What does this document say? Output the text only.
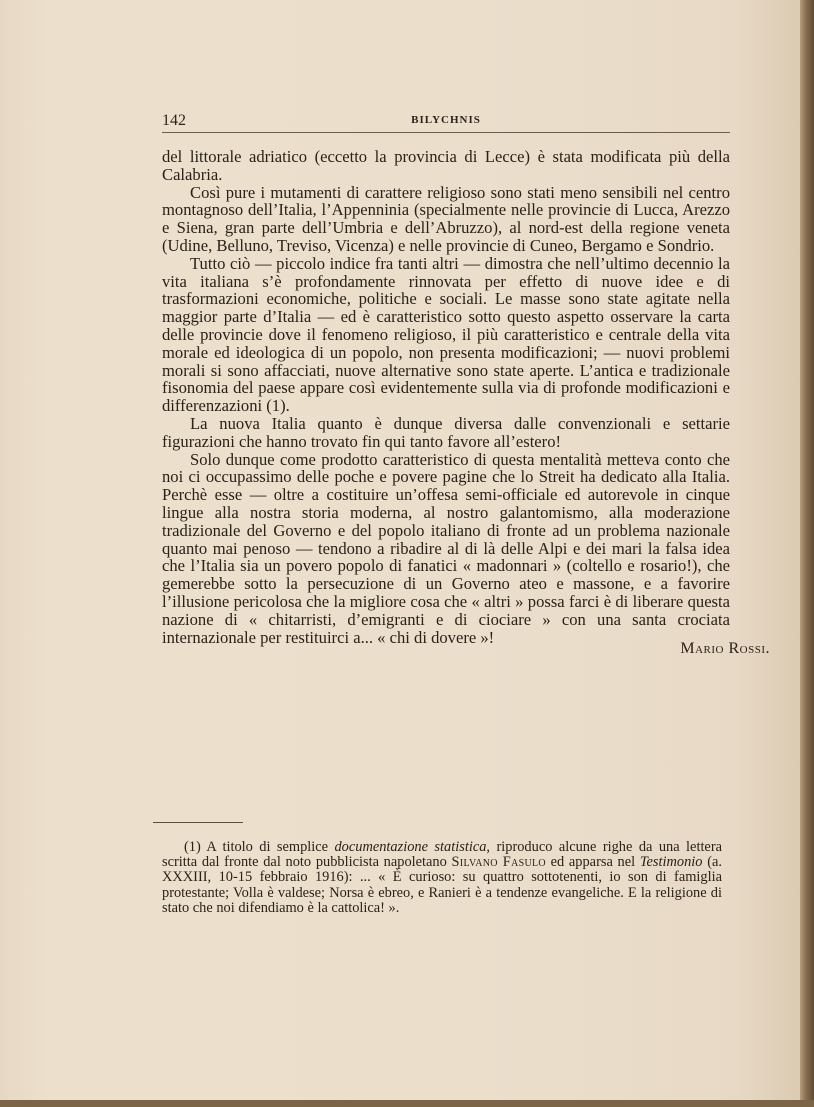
142	BILYCHNIS

del littorale adriatico (eccetto la provincia di Lecce) è stata modificata più della Calabria.

Così pure i mutamenti di carattere religioso sono stati meno sensibili nel centro montagnoso dell’Italia, l’Appenninia (specialmente nelle provincie di Lucca, Arezzo e Siena, gran parte dell’Umbria e dell’Abruzzo), al nord-est della regione veneta (Udine, Belluno, Treviso, Vicenza) e nelle provincie di Cuneo, Bergamo e Sondrio.

Tutto ciò — piccolo indice fra tanti altri — dimostra che nell’ultimo decennio la vita italiana s’è profondamente rinnovata per effetto di nuove idee e di trasformazioni economiche, politiche e sociali. Le masse sono state agitate nella maggior parte d’Italia — ed è caratteristico sotto questo aspetto osservare la carta delle provincie dove il fenomeno religioso, il più caratteristico e centrale della vita morale ed ideologica di un popolo, non presenta modificazioni; — nuovi problemi morali si sono affacciati, nuove alternative sono state aperte. L’antica e tradizionale fisonomia del paese appare così evidentemente sulla via di profonde modificazioni e differenzazioni (1).

La nuova Italia quanto è dunque diversa dalle convenzionali e settarie figurazioni che hanno trovato fin qui tanto favore all’estero!

Solo dunque come prodotto caratteristico di questa mentalità metteva conto che noi ci occupassimo delle poche e povere pagine che lo Streit ha dedicato alla Italia. Perchè esse — oltre a costituire un’offesa semi-officiale ed autorevole in cinque lingue alla nostra storia moderna, al nostro galantomismo, alla moderazione tradizionale del Governo e del popolo italiano di fronte ad un problema nazionale quanto mai penoso — tendono a ribadire al di là delle Alpi e dei mari la falsa idea che l’Italia sia un povero popolo di fanatici « madonnari » (coltello e rosario!), che gemerebbe sotto la persecuzione di un Governo ateo e massone, e a favorire l’illusione pericolosa che la migliore cosa che « altri » possa farci è di liberare questa nazione di « chitarristi, d’emigranti e di ciociare » con una santa crociata internazionale per restituirci a... « chi di dovere »!

Mario Rossi.
(1) A titolo di semplice documentazione statistica, riproduco alcune righe da una lettera scritta dal fronte dal noto pubblicista napoletano Silvano Fasulo ed apparsa nel Testimonio (a. XXXIII, 10-15 febbraio 1916): ... « È curioso: su quattro sottotenenti, io son di famiglia protestante; Volla è valdese; Norsa è ebreo, e Ranieri è a tendenze evangeliche. E la religione di stato che noi difendiamo è la cattolica! ».
